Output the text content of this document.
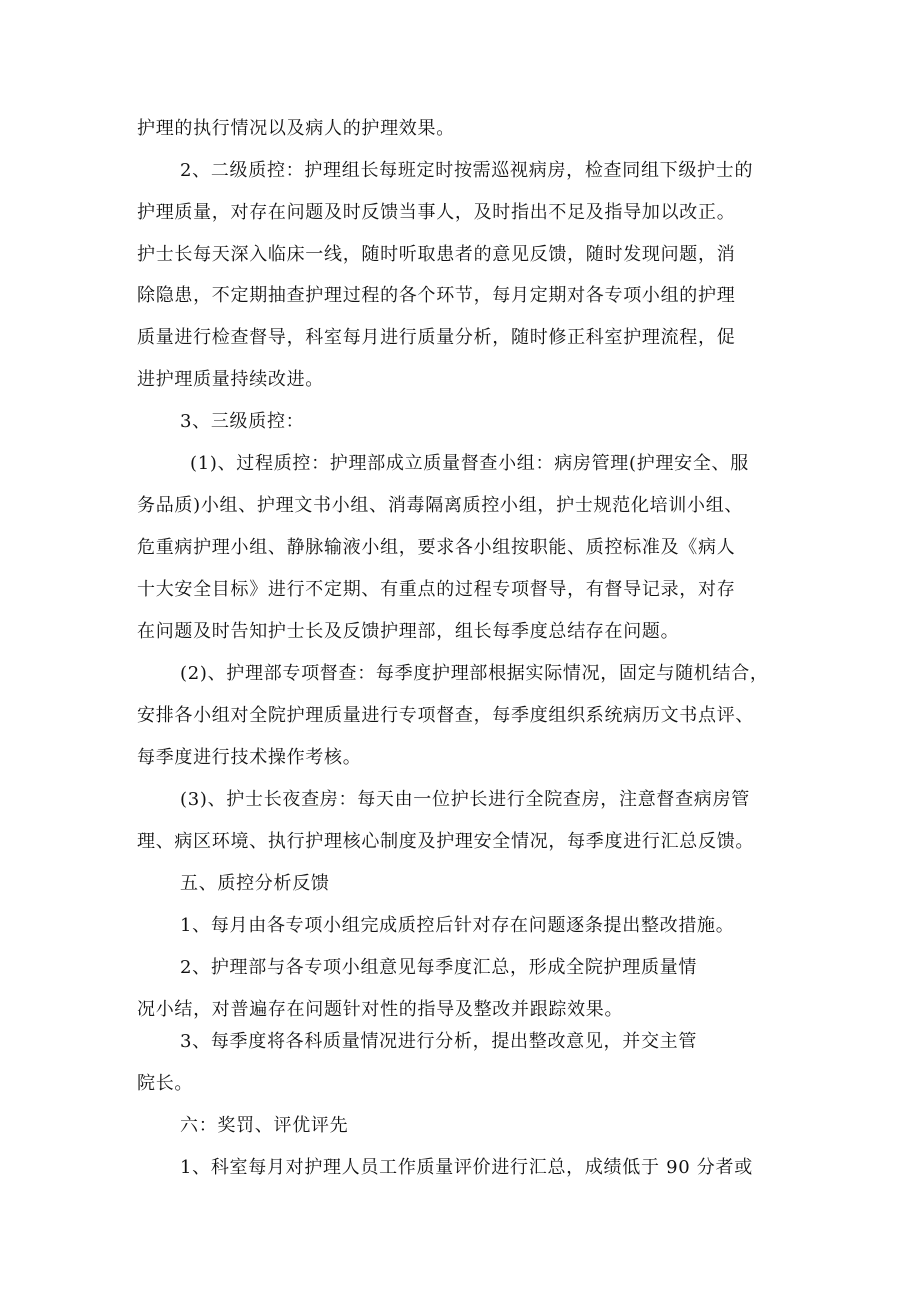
护理的执行情况以及病人的护理效果。
2、二级质控：护理组长每班定时按需巡视病房，检查同组下级护士的
护理质量，对存在问题及时反馈当事人，及时指出不足及指导加以改正。
护士长每天深入临床一线，随时听取患者的意见反馈，随时发现问题，消
除隐患，不定期抽查护理过程的各个环节，每月定期对各专项小组的护理
质量进行检查督导，科室每月进行质量分析，随时修正科室护理流程，促
进护理质量持续改进。
3、三级质控：
(1)、过程质控：护理部成立质量督查小组：病房管理(护理安全、服
务品质)小组、护理文书小组、消毒隔离质控小组，护士规范化培训小组、
危重病护理小组、静脉输液小组，要求各小组按职能、质控标准及《病人
十大安全目标》进行不定期、有重点的过程专项督导，有督导记录，对存
在问题及时告知护士长及反馈护理部，组长每季度总结存在问题。
(2)、护理部专项督查：每季度护理部根据实际情况，固定与随机结合，
安排各小组对全院护理质量进行专项督查，每季度组织系统病历文书点评、
每季度进行技术操作考核。
(3)、护士长夜查房：每天由一位护长进行全院查房，注意督查病房管
理、病区环境、执行护理核心制度及护理安全情况，每季度进行汇总反馈。
五、质控分析反馈
1、每月由各专项小组完成质控后针对存在问题逐条提出整改措施。
2、护理部与各专项小组意见每季度汇总，形成全院护理质量情
况小结，对普遍存在问题针对性的指导及整改并跟踪效果。
3、每季度将各科质量情况进行分析，提出整改意见，并交主管
院长。
六：奖罚、评优评先
1、科室每月对护理人员工作质量评价进行汇总，成绩低于 90 分者或
